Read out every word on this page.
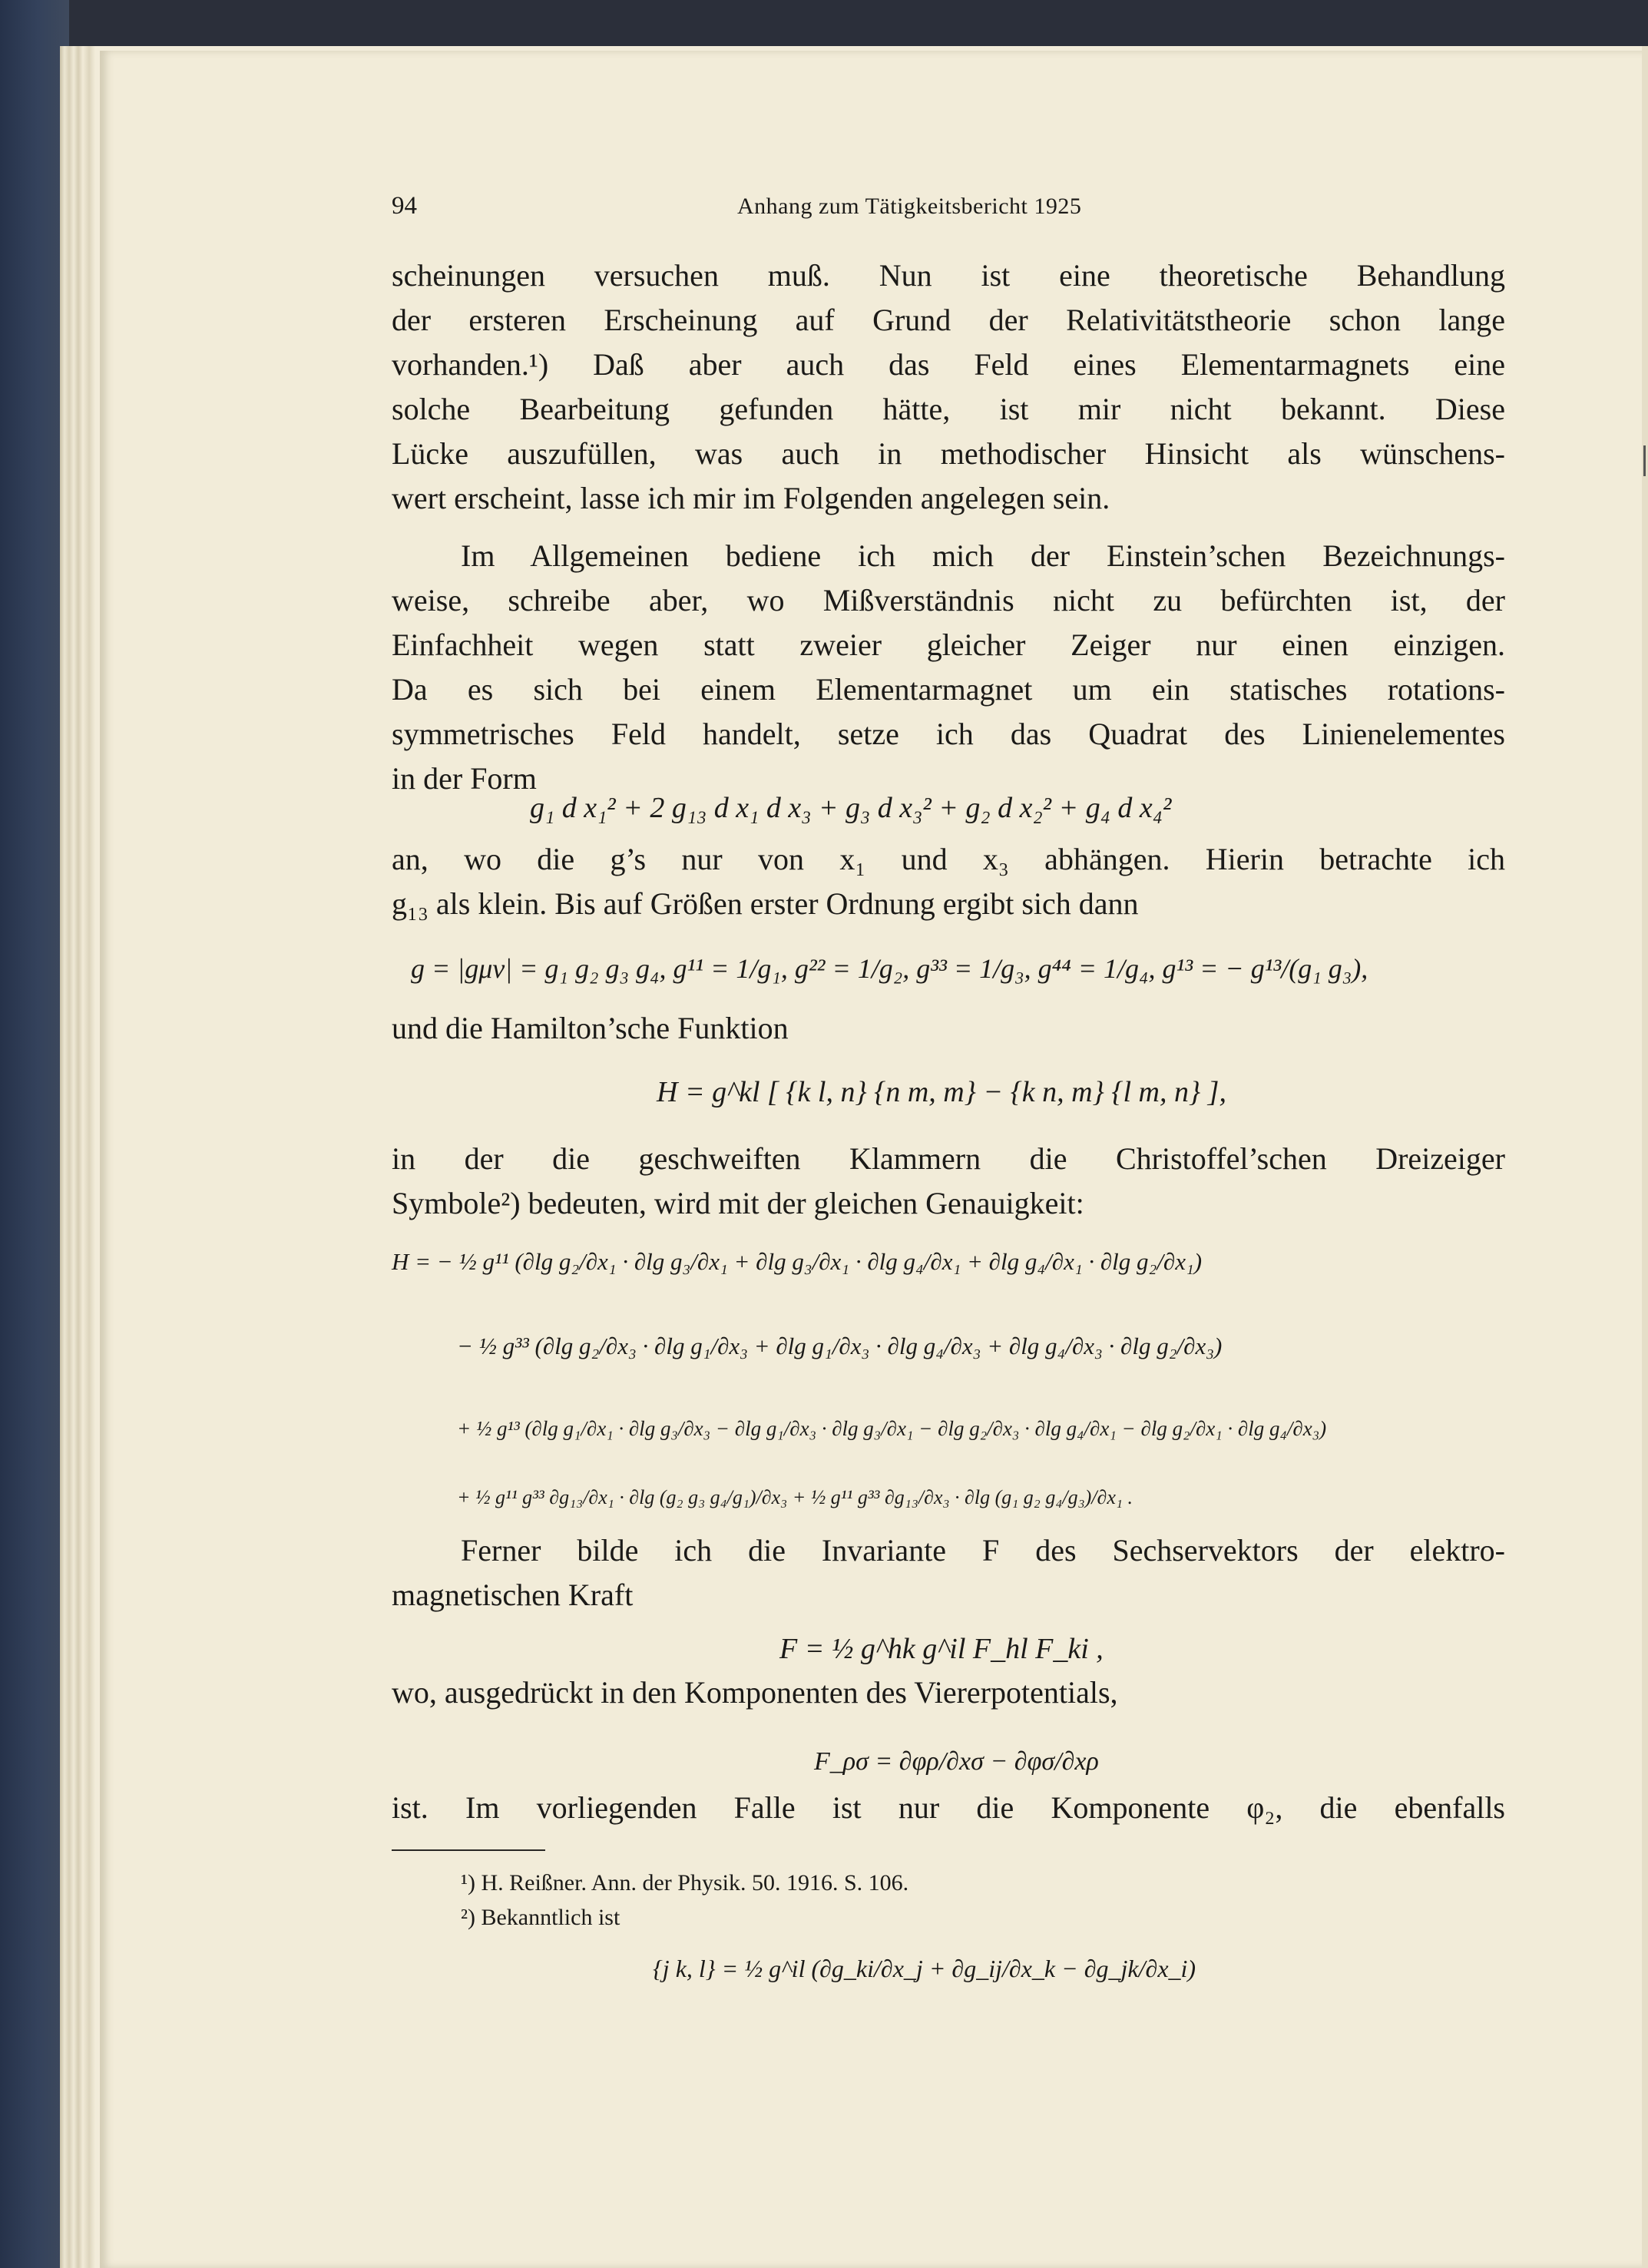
94	Anhang zum Tätigkeitsbericht 1925
scheinungen versuchen muß. Nun ist eine theoretische Behandlung
der ersteren Erscheinung auf Grund der Relativitätstheorie schon lange
vorhanden.¹) Daß aber auch das Feld eines Elementarmagnets eine
solche Bearbeitung gefunden hätte, ist mir nicht bekannt. Diese
Lücke auszufüllen, was auch in methodischer Hinsicht als wünschens-
wert erscheint, lasse ich mir im Folgenden angelegen sein.
Im Allgemeinen bediene ich mich der Einstein’schen Bezeichnungs-
weise, schreibe aber, wo Mißverständnis nicht zu befürchten ist, der
Einfachheit wegen statt zweier gleicher Zeiger nur einen einzigen.
Da es sich bei einem Elementarmagnet um ein statisches rotations-
symmetrisches Feld handelt, setze ich das Quadrat des Linienelementes
in der Form
g₁ d x₁² + 2 g₁₃ d x₁ d x₃ + g₃ d x₃² + g₂ d x₂² + g₄ d x₄²
an, wo die g’s nur von x₁ und x₃ abhängen. Hierin betrachte ich
g₁₃ als klein. Bis auf Größen erster Ordnung ergibt sich dann
g = |gμν| = g₁ g₂ g₃ g₄, g¹¹ = 1/g₁, g²² = 1/g₂, g³³ = 1/g₃, g⁴⁴ = 1/g₄, g¹³ = − g¹³/(g₁ g₃),
und die Hamilton’sche Funktion
H = g^kl [ {k l, n} {n m, m} − {k n, m} {l m, n} ],
in der die geschweiften Klammern die Christoffel’schen Dreizeiger
Symbole²) bedeuten, wird mit der gleichen Genauigkeit:
H = − ½ g¹¹ (∂lg g₂/∂x₁ · ∂lg g₃/∂x₁ + ∂lg g₃/∂x₁ · ∂lg g₄/∂x₁ + ∂lg g₄/∂x₁ · ∂lg g₂/∂x₁)
− ½ g³³ (∂lg g₂/∂x₃ · ∂lg g₁/∂x₃ + ∂lg g₁/∂x₃ · ∂lg g₄/∂x₃ + ∂lg g₄/∂x₃ · ∂lg g₂/∂x₃)
+ ½ g¹³ (∂lg g₁/∂x₁ · ∂lg g₃/∂x₃ − ∂lg g₁/∂x₃ · ∂lg g₃/∂x₁ − ∂lg g₂/∂x₃ · ∂lg g₄/∂x₁ − ∂lg g₂/∂x₁ · ∂lg g₄/∂x₃)
+ ½ g¹¹ g³³ ∂g₁₃/∂x₁ · ∂lg (g₂ g₃ g₄/g₁)/∂x₃ + ½ g¹¹ g³³ ∂g₁₃/∂x₃ · ∂lg (g₁ g₂ g₄/g₃)/∂x₁ .
Ferner bilde ich die Invariante F des Sechservektors der elektro-
magnetischen Kraft
F = ½ g^hk g^il F_hl F_ki ,
wo, ausgedrückt in den Komponenten des Viererpotentials,
F_ρσ = ∂φρ/∂xσ − ∂φσ/∂xρ
ist. Im vorliegenden Falle ist nur die Komponente φ₂, die ebenfalls
¹) H. Reißner. Ann. der Physik. 50. 1916. S. 106.
²) Bekanntlich ist
{j k, l} = ½ g^il (∂g_ki/∂x_j + ∂g_ij/∂x_k − ∂g_jk/∂x_i)
